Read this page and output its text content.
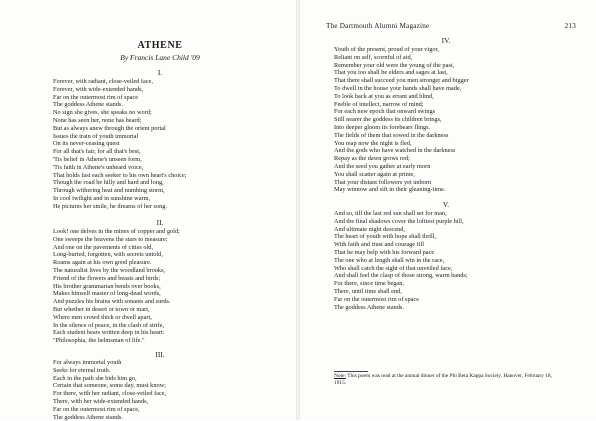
The Dartmouth Alumni Magazine	213
ATHENE
By Francis Lane Child '09
I.
Forever, with radiant, close-veiled face,
Forever, with wide-extended hands,
Far on the outermost rim of space
The goddess Athene stands.
No sign she gives, she speaks no word;
None has seen her, none has heard;
But as always anew through the orient portal
Issues the train of youth immortal
On its never-ceasing quest
For all that's fair, for all that's best,
'Tis belief in Athene's unseen form,
'Tis faith in Athene's unheard voice,
That holds fast each seeker to his own heart's choice;
Though the road be hilly and hard and long,
Through withering heat and numbing storm,
In cool twilight and in sunshine warm,
He pictures her smile, he dreams of her song.
II.
Look! one delves in the mines of copper and gold;
One sweeps the heavens the stars to measure;
And one on the pavements of cities old,
Long-buried, forgotten, with secrets untold,
Roams again at his own good pleasure.
The naturalist lives by the woodland brooks,
Friend of the flowers and beasts and birds;
His brother grammarian bends over books,
Makes himself master of long-dead words,
And puzzles his brains with sonants and surds.
But whether in desert or town or mart,
Where men crowd thick or dwell apart,
In the silence of peace, in the clash of strife,
Each student bears written deep in his heart:
"Philosophia, the helmsman of life."
III.
For always immortal youth
Seeks for eternal truth.
Each in the path she bids him go,
Certain that someone, some day, must know;
For there, with her radiant, close-veiled face,
There, with her wide-extended hands,
Far on the outermost rim of space,
The goddess Athene stands.
IV.
Youth of the present, proud of your vigor,
Reliant on self, scornful of aid,
Remember your old were the young of the past,
That you too shall be elders and sages at last,
That there shall succeed you men stronger and bigger
To dwell in the house your hands shall have made,
To look back at you as errant and blind,
Feeble of intellect, narrow of mind;
For each new epoch that onward swings
Still nearer the goddess its children brings,
Into deeper gloom its forebears flings.
The fields of them that sowed in the darkness
You reap now the night is fled,
And the gods who have watched in the darkness
Repay as the dawn grows red;
And the seed you gather at early morn
You shall scatter again at prime,
That your distant followers yet unborn
May winnow and sift in their gleaning-time.
V.
And so, till the last red sun shall set for man,
And the final shadows cover the loftiest purple hill,
And ultimate night descend,
The heart of youth with hope shall thrill,
With faith and trust and courage fill
That he may help with his forward pace
The one who at length shall win in the race,
Who shall catch the sight of that unveiled face,
And shall feel the clasp of those strong, warm hands;
For there, since time began,
There, until time shall end,
Far on the outermost rim of space
The goddess Athene stands.
Note: This poem was read at the annual dinner of the Phi Beta Kappa Society, Hanover, February 18, 1915.
